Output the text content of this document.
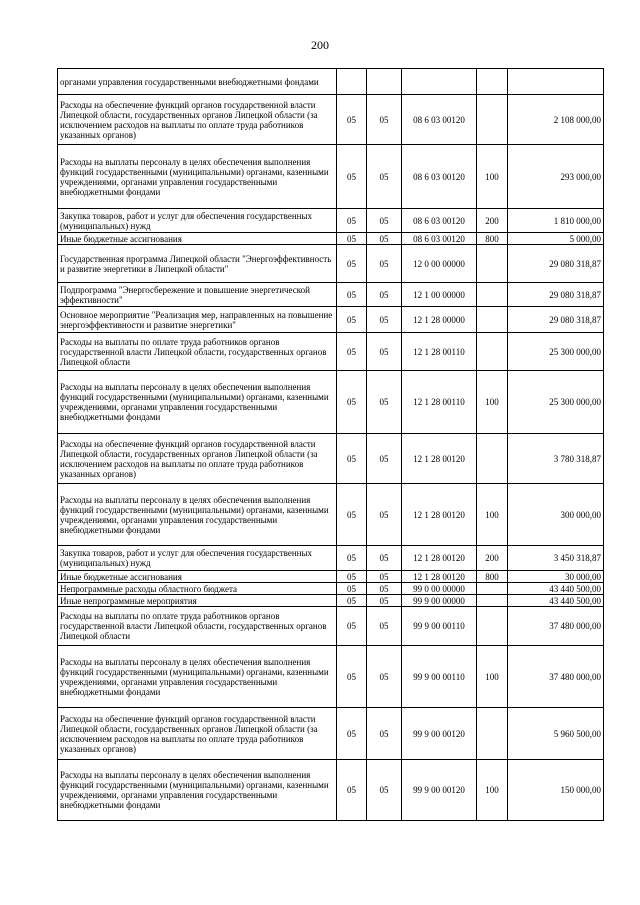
200
органами управления государственными внебюджетными фондами					
Расходы на обеспечение функций органов государственной власти Липецкой области, государственных органов Липецкой области (за исключением расходов на выплаты по оплате труда работников указанных органов)	05	05	08 6 03 00120		2 108 000,00
Расходы на выплаты персоналу в целях обеспечения выполнения функций государственными (муниципальными) органами, казенными учреждениями, органами управления государственными внебюджетными фондами	05	05	08 6 03 00120	100	293 000,00
Закупка товаров, работ и услуг для обеспечения государственных (муниципальных) нужд	05	05	08 6 03 00120	200	1 810 000,00
Иные бюджетные ассигнования	05	05	08 6 03 00120	800	5 000,00
Государственная программа Липецкой области "Энергоэффективность и развитие энергетики в Липецкой области"	05	05	12 0 00 00000		29 080 318,87
Подпрограмма "Энергосбережение и повышение энергетической эффективности"	05	05	12 1 00 00000		29 080 318,87
Основное мероприятие "Реализация мер, направленных на повышение энергоэффективности и развитие энергетики"	05	05	12 1 28 00000		29 080 318,87
Расходы на выплаты по оплате труда работников органов государственной власти Липецкой области, государственных органов Липецкой области	05	05	12 1 28 00110		25 300 000,00
Расходы на выплаты персоналу в целях обеспечения выполнения функций государственными (муниципальными) органами, казенными учреждениями, органами управления государственными внебюджетными фондами	05	05	12 1 28 00110	100	25 300 000,00
Расходы на обеспечение функций органов государственной власти Липецкой области, государственных органов Липецкой области (за исключением расходов на выплаты по оплате труда работников указанных органов)	05	05	12 1 28 00120		3 780 318,87
Расходы на выплаты персоналу в целях обеспечения выполнения функций государственными (муниципальными) органами, казенными учреждениями, органами управления государственными внебюджетными фондами	05	05	12 1 28 00120	100	300 000,00
Закупка товаров, работ и услуг для обеспечения государственных (муниципальных) нужд	05	05	12 1 28 00120	200	3 450 318,87
Иные бюджетные ассигнования	05	05	12 1 28 00120	800	30 000,00
Непрограммные расходы областного бюджета	05	05	99 0 00 00000		43 440 500,00
Иные непрограммные мероприятия	05	05	99 9 00 00000		43 440 500,00
Расходы на выплаты по оплате труда работников органов государственной власти Липецкой области, государственных органов Липецкой области	05	05	99 9 00 00110		37 480 000,00
Расходы на выплаты персоналу в целях обеспечения выполнения функций государственными (муниципальными) органами, казенными учреждениями, органами управления государственными внебюджетными фондами	05	05	99 9 00 00110	100	37 480 000,00
Расходы на обеспечение функций органов государственной власти Липецкой области, государственных органов Липецкой области (за исключением расходов на выплаты по оплате труда работников указанных органов)	05	05	99 9 00 00120		5 960 500,00
Расходы на выплаты персоналу в целях обеспечения выполнения функций государственными (муниципальными) органами, казенными учреждениями, органами управления государственными внебюджетными фондами	05	05	99 9 00 00120	100	150 000,00
